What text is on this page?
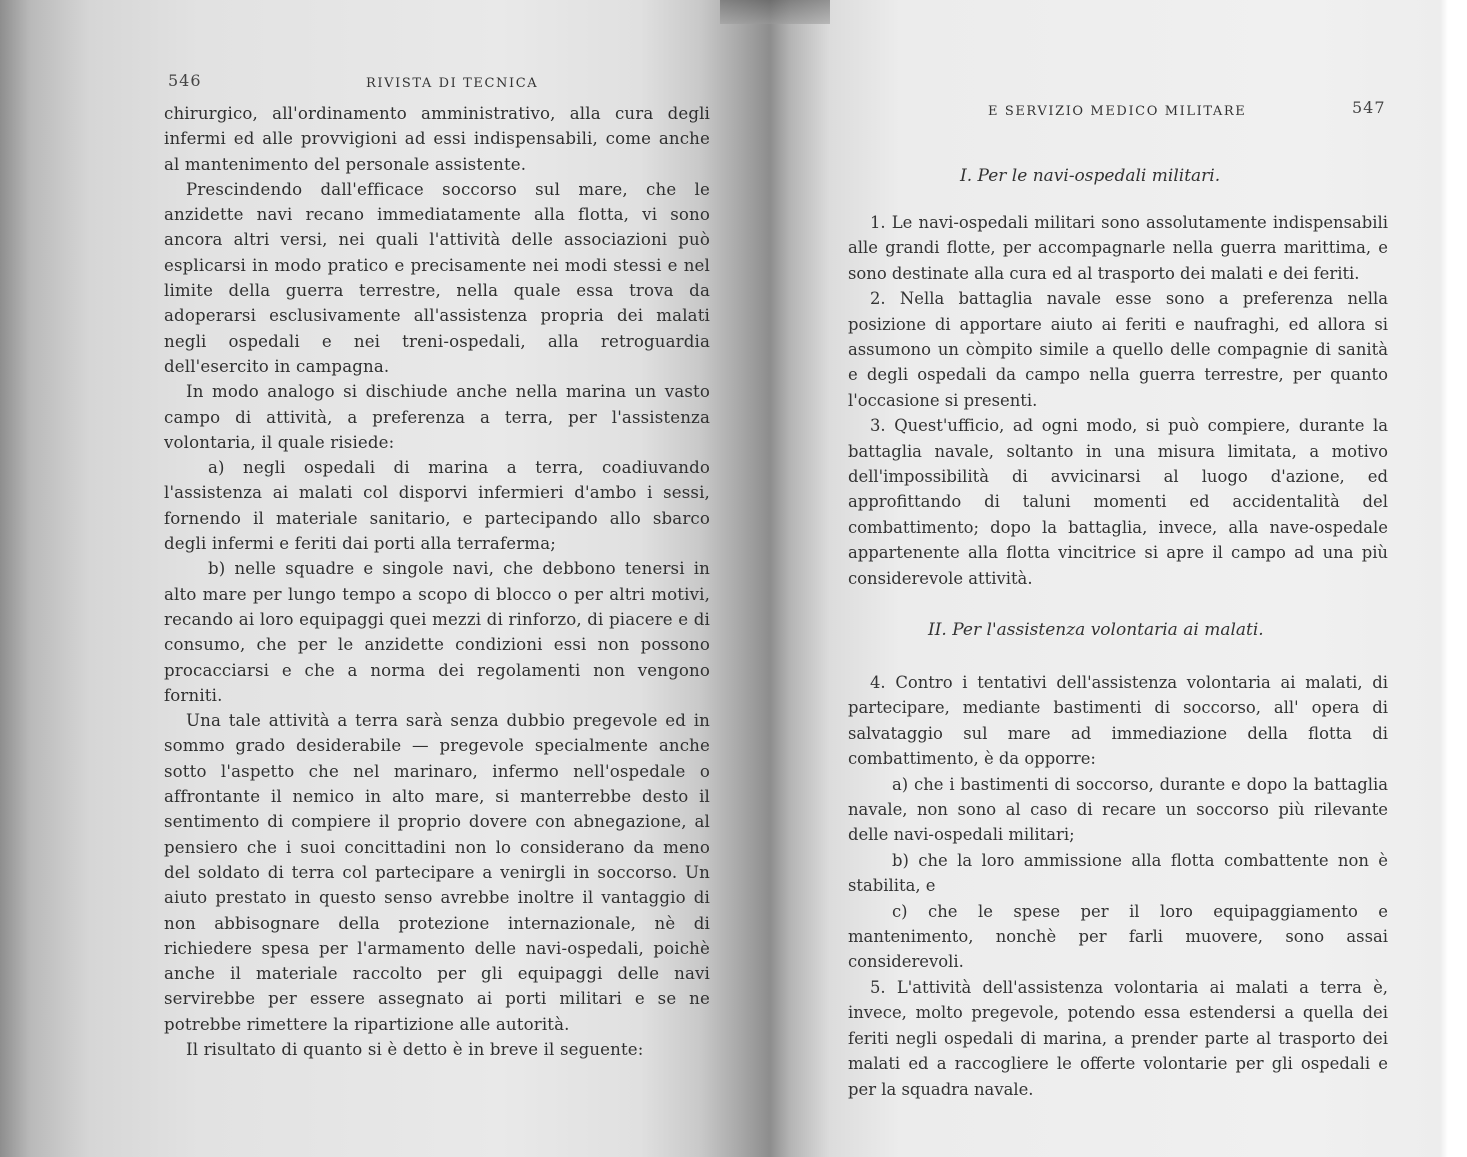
546	RIVISTA DI TECNICA

chirurgico, all'ordinamento amministrativo, alla cura degli infermi ed alle provvigioni ad essi indispensabili, come anche al mantenimento del personale assistente.

Prescindendo dall'efficace soccorso sul mare, che le anzidette navi recano immediatamente alla flotta, vi sono ancora altri versi, nei quali l'attività delle associazioni può esplicarsi in modo pratico e precisamente nei modi stessi e nel limite della guerra terrestre, nella quale essa trova da adoperarsi esclusivamente all'assistenza propria dei malati negli ospedali e nei treni-ospedali, alla retroguardia dell'esercito in campagna.

In modo analogo si dischiude anche nella marina un vasto campo di attività, a preferenza a terra, per l'assistenza volontaria, il quale risiede:

a) negli ospedali di marina a terra, coadiuvando l'assistenza ai malati col disporvi infermieri d'ambo i sessi, fornendo il materiale sanitario, e partecipando allo sbarco degli infermi e feriti dai porti alla terraferma;

b) nelle squadre e singole navi, che debbono tenersi in alto mare per lungo tempo a scopo di blocco o per altri motivi, recando ai loro equipaggi quei mezzi di rinforzo, di piacere e di consumo, che per le anzidette condizioni essi non possono procacciarsi e che a norma dei regolamenti non vengono forniti.

Una tale attività a terra sarà senza dubbio pregevole ed in sommo grado desiderabile — pregevole specialmente anche sotto l'aspetto che nel marinaro, infermo nell'ospedale o affrontante il nemico in alto mare, si manterrebbe desto il sentimento di compiere il proprio dovere con abnegazione, al pensiero che i suoi concittadini non lo considerano da meno del soldato di terra col partecipare a venirgli in soccorso. Un aiuto prestato in questo senso avrebbe inoltre il vantaggio di non abbisognare della protezione internazionale, nè di richiedere spesa per l'armamento delle navi-ospedali, poichè anche il materiale raccolto per gli equipaggi delle navi servirebbe per essere assegnato ai porti militari e se ne potrebbe rimettere la ripartizione alle autorità.

Il risultato di quanto si è detto è in breve il seguente:

E SERVIZIO MEDICO MILITARE	547
I. Per le navi-ospedali militari.

1. Le navi-ospedali militari sono assolutamente indispensabili alle grandi flotte, per accompagnarle nella guerra marittima, e sono destinate alla cura ed al trasporto dei malati e dei feriti.

2. Nella battaglia navale esse sono a preferenza nella posizione di apportare aiuto ai feriti e naufraghi, ed allora si assumono un còmpito simile a quello delle compagnie di sanità e degli ospedali da campo nella guerra terrestre, per quanto l'occasione si presenti.

3. Quest'ufficio, ad ogni modo, si può compiere, durante la battaglia navale, soltanto in una misura limitata, a motivo dell'impossibilità di avvicinarsi al luogo d'azione, ed approfittando di taluni momenti ed accidentalità del combattimento; dopo la battaglia, invece, alla nave-ospedale appartenente alla flotta vincitrice si apre il campo ad una più considerevole attività.

II. Per l'assistenza volontaria ai malati.

4. Contro i tentativi dell'assistenza volontaria ai malati, di partecipare, mediante bastimenti di soccorso, all' opera di salvataggio sul mare ad immediazione della flotta di combattimento, è da opporre:

a) che i bastimenti di soccorso, durante e dopo la battaglia navale, non sono al caso di recare un soccorso più rilevante delle navi-ospedali militari;

b) che la loro ammissione alla flotta combattente non è stabilita, e

c) che le spese per il loro equipaggiamento e mantenimento, nonchè per farli muovere, sono assai considerevoli.

5. L'attività dell'assistenza volontaria ai malati a terra è, invece, molto pregevole, potendo essa estendersi a quella dei feriti negli ospedali di marina, a prender parte al trasporto dei malati ed a raccogliere le offerte volontarie per gli ospedali e per la squadra navale.
